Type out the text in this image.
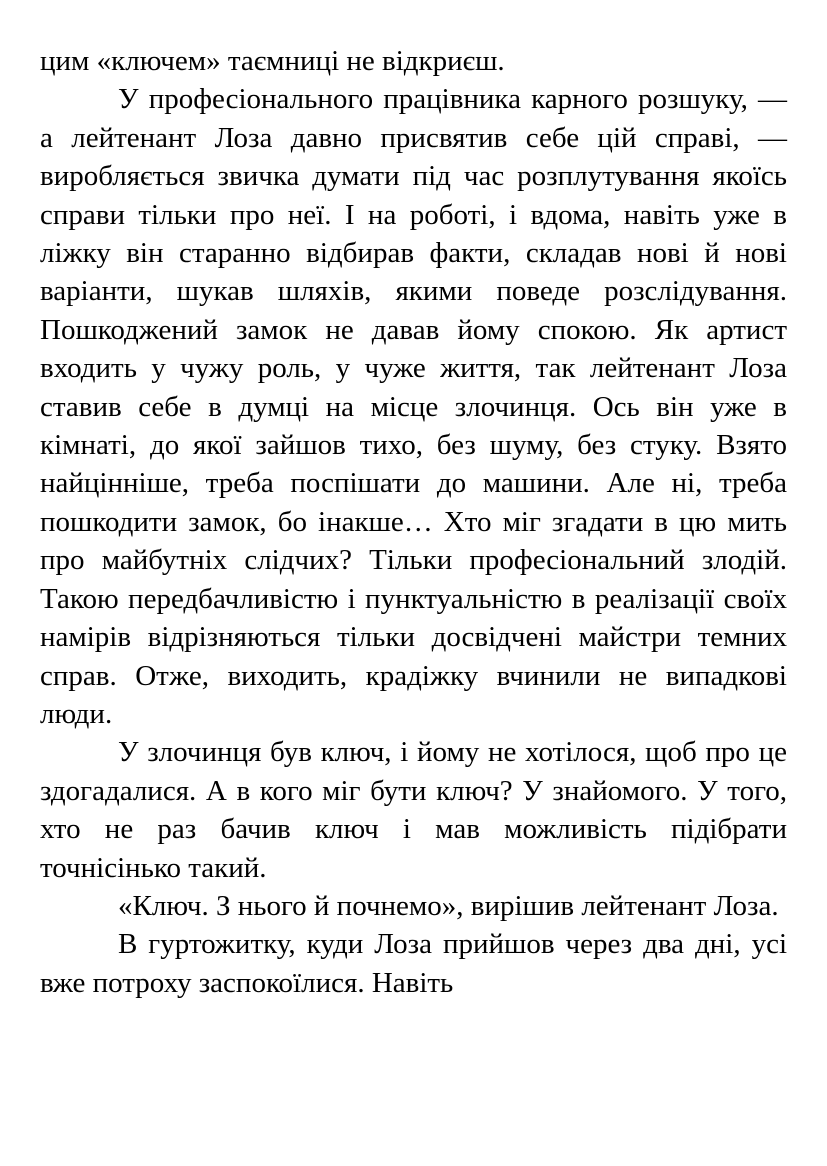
цим «ключем» таємниці не відкриєш.

У професіонального працівника карного розшуку, — а лейтенант Лоза давно присвятив себе цій справі, — виробляється звичка думати під час розплутування якоїсь справи тільки про неї. І на роботі, і вдома, навіть уже в ліжку він старанно відбирав факти, складав нові й нові варіанти, шукав шляхів, якими поведе розслідування. Пошкоджений замок не давав йому спокою. Як артист входить у чужу роль, у чуже життя, так лейтенант Лоза ставив себе в думці на місце злочинця. Ось він уже в кімнаті, до якої зайшов тихо, без шуму, без стуку. Взято найцінніше, треба поспішати до машини. Але ні, треба пошкодити замок, бо інакше… Хто міг згадати в цю мить про майбутніх слідчих? Тільки професіональний злодій. Такою передбачливістю і пунктуальністю в реалізації своїх намірів відрізняються тільки досвідчені майстри темних справ. Отже, виходить, крадіжку вчинили не випадкові люди.

У злочинця був ключ, і йому не хотілося, щоб про це здогадалися. А в кого міг бути ключ? У знайомого. У того, хто не раз бачив ключ і мав можливість підібрати точнісінько такий.

«Ключ. З нього й почнемо», вирішив лейтенант Лоза.

В гуртожитку, куди Лоза прийшов через два дні, усі вже потроху заспокоїлися. Навіть
